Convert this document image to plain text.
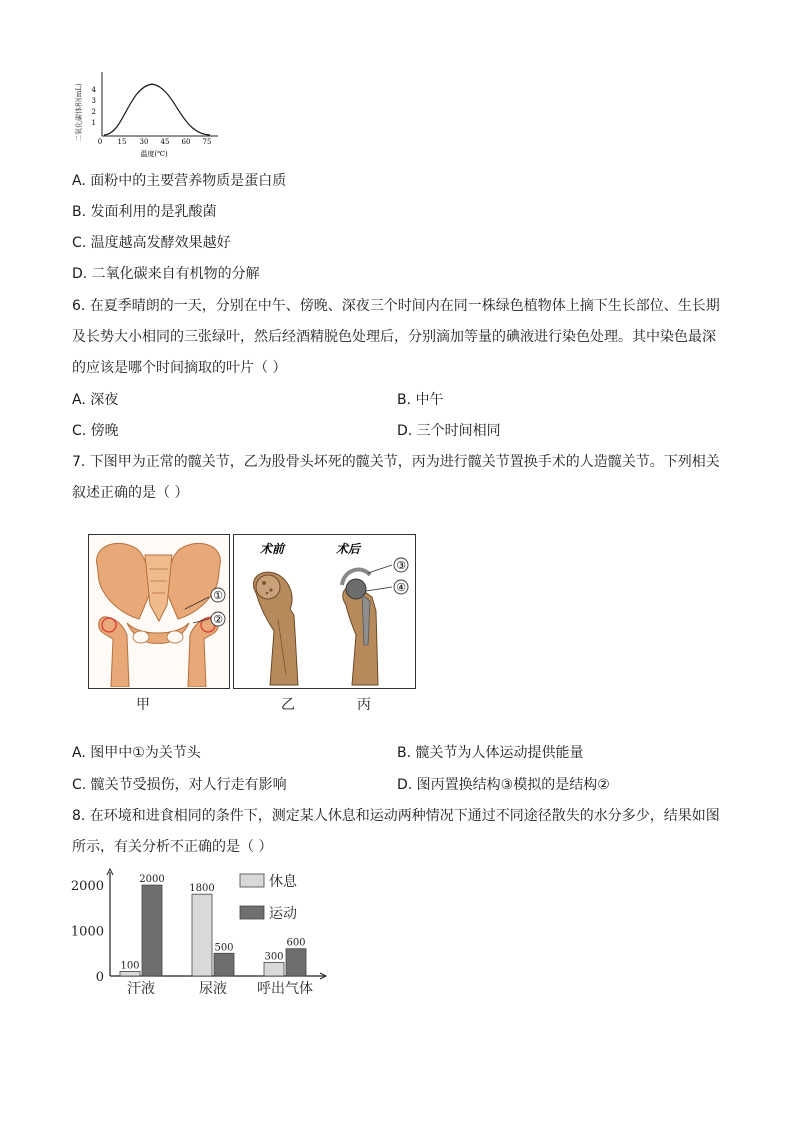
二氧化碳体积(mL) 4
3
2
1
0 15 30 45 60 75
温度(℃)
A. 面粉中的主要营养物质是蛋白质
B. 发面利用的是乳酸菌
C. 温度越高发酵效果越好
D. 二氧化碳来自有机物的分解
6. 在夏季晴朗的一天，分别在中午、傍晚、深夜三个时间内在同一株绿色植物体上摘下生长部位、生长期
及长势大小相同的三张绿叶，然后经酒精脱色处理后，分别滴加等量的碘液进行染色处理。其中染色最深
的应该是哪个时间摘取的叶片（ ）
A. 深夜	B. 中午
C. 傍晚	D. 三个时间相同
7. 下图甲为正常的髋关节，乙为股骨头坏死的髋关节，丙为进行髋关节置换手术的人造髋关节。下列相关
叙述正确的是（ ）
①
②
术前	术后
③
④
甲	乙	丙
A. 图甲中①为关节头	B. 髋关节为人体运动提供能量
C. 髋关节受损伤，对人行走有影响	D. 图丙置换结构③模拟的是结构②
8. 在环境和进食相同的条件下，测定某人休息和运动两种情况下通过不同途径散失的水分多少，结果如图
所示，有关分析不正确的是（ ）
0
1000
2000
100
2000
汗液
1800
500
尿液
300
600
呼出气体
休息
运动
